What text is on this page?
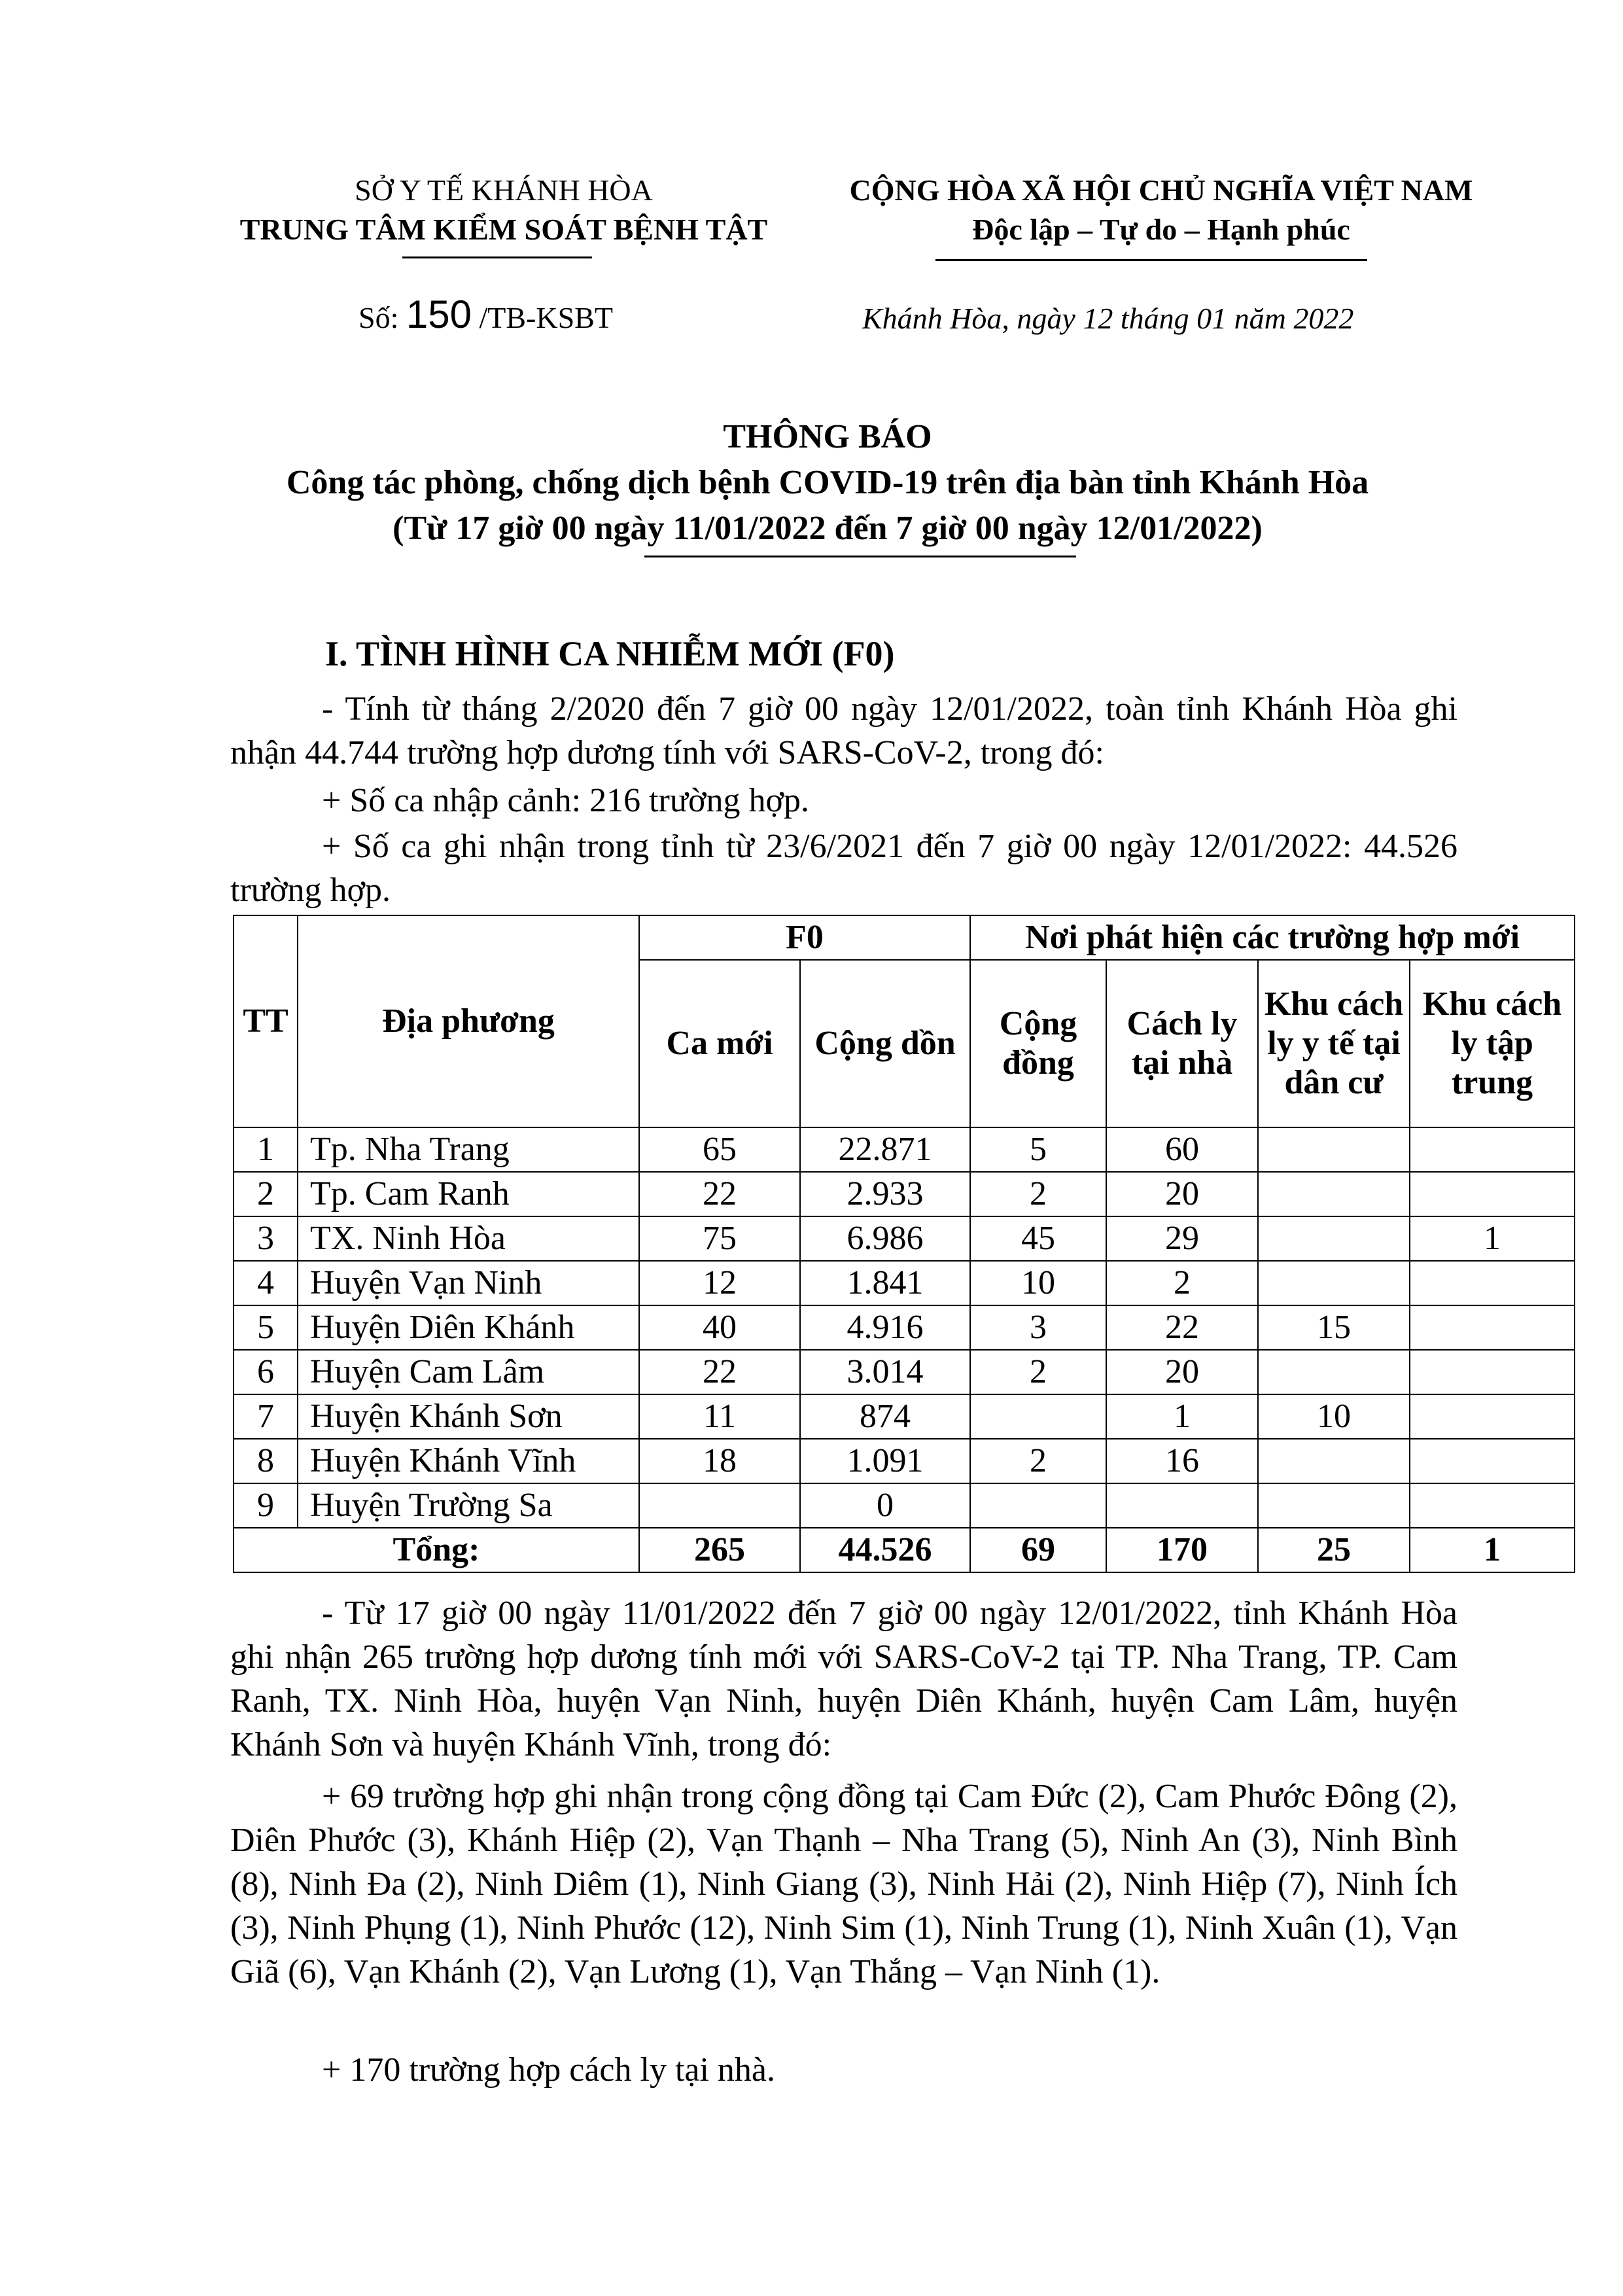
SỞ Y TẾ KHÁNH HÒA
TRUNG TÂM KIỂM SOÁT BỆNH TẬT
CỘNG HÒA XÃ HỘI CHỦ NGHĨA VIỆT NAM
Độc lập – Tự do – Hạnh phúc
Số: 150 /TB-KSBT	Khánh Hòa, ngày 12 tháng 01 năm 2022
THÔNG BÁO
Công tác phòng, chống dịch bệnh COVID-19 trên địa bàn tỉnh Khánh Hòa
(Từ 17 giờ 00 ngày 11/01/2022 đến 7 giờ 00 ngày 12/01/2022)
I. TÌNH HÌNH CA NHIỄM MỚI (F0)
- Tính từ tháng 2/2020 đến 7 giờ 00 ngày 12/01/2022, toàn tỉnh Khánh Hòa ghi nhận 44.744 trường hợp dương tính với SARS-CoV-2, trong đó:
+ Số ca nhập cảnh: 216 trường hợp.
+ Số ca ghi nhận trong tỉnh từ 23/6/2021 đến 7 giờ 00 ngày 12/01/2022: 44.526 trường hợp.
TT	Địa phương	F0		Nơi phát hiện các trường hợp mới			
		Ca mới	Cộng dồn	Cộng đồng	Cách ly tại nhà	Khu cách ly y tế tại dân cư	Khu cách ly tập trung
1	Tp. Nha Trang	65	22.871	5	60		
2	Tp. Cam Ranh	22	2.933	2	20		
3	TX. Ninh Hòa	75	6.986	45	29		1
4	Huyện Vạn Ninh	12	1.841	10	2		
5	Huyện Diên Khánh	40	4.916	3	22	15	
6	Huyện Cam Lâm	22	3.014	2	20		
7	Huyện Khánh Sơn	11	874		1	10	
8	Huyện Khánh Vĩnh	18	1.091	2	16		
9	Huyện Trường Sa		0				
Tổng:		265	44.526	69	170	25	1
- Từ 17 giờ 00 ngày 11/01/2022 đến 7 giờ 00 ngày 12/01/2022, tỉnh Khánh Hòa ghi nhận 265 trường hợp dương tính mới với SARS-CoV-2 tại TP. Nha Trang, TP. Cam Ranh, TX. Ninh Hòa, huyện Vạn Ninh, huyện Diên Khánh, huyện Cam Lâm, huyện Khánh Sơn và huyện Khánh Vĩnh, trong đó:
+ 69 trường hợp ghi nhận trong cộng đồng tại Cam Đức (2), Cam Phước Đông (2), Diên Phước (3), Khánh Hiệp (2), Vạn Thạnh – Nha Trang (5), Ninh An (3), Ninh Bình (8), Ninh Đa (2), Ninh Diêm (1), Ninh Giang (3), Ninh Hải (2), Ninh Hiệp (7), Ninh Ích (3), Ninh Phụng (1), Ninh Phước (12), Ninh Sim (1), Ninh Trung (1), Ninh Xuân (1), Vạn Giã (6), Vạn Khánh (2), Vạn Lương (1), Vạn Thắng – Vạn Ninh (1).
+ 170 trường hợp cách ly tại nhà.
